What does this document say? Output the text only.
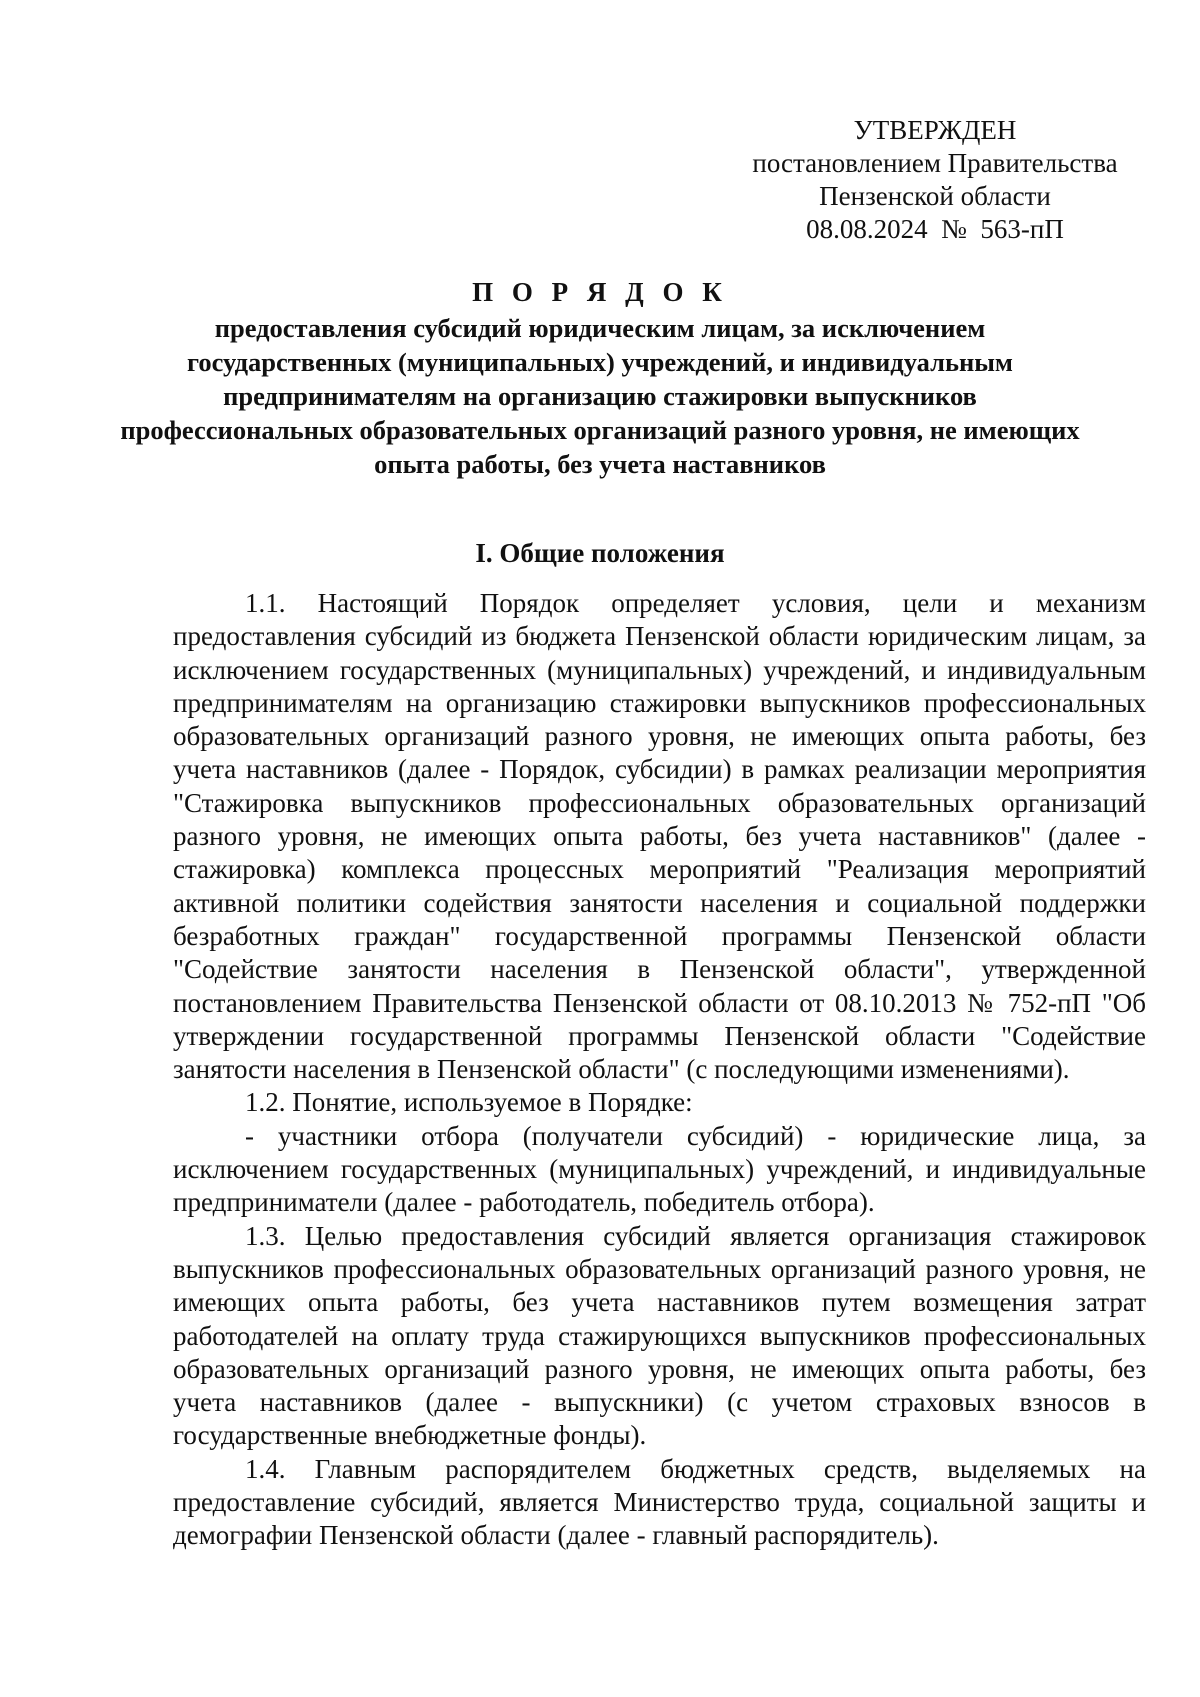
УТВЕРЖДЕН
постановлением Правительства
Пензенской области
08.08.2024  №  563-пП
П О Р Я Д О К
предоставления субсидий юридическим лицам, за исключением государственных (муниципальных) учреждений, и индивидуальным предпринимателям на организацию стажировки выпускников профессиональных образовательных организаций разного уровня, не имеющих опыта работы, без учета наставников
I. Общие положения

1.1. Настоящий Порядок определяет условия, цели и механизм предоставления субсидий из бюджета Пензенской области юридическим лицам, за исключением государственных (муниципальных) учреждений, и индивидуальным предпринимателям на организацию стажировки выпускников профессиональных образовательных организаций разного уровня, не имеющих опыта работы, без учета наставников (далее - Порядок, субсидии) в рамках реализации мероприятия "Стажировка выпускников профессиональных образовательных организаций разного уровня, не имеющих опыта работы, без учета наставников" (далее - стажировка) комплекса процессных мероприятий "Реализация мероприятий активной политики содействия занятости населения и социальной поддержки безработных граждан" государственной программы Пензенской области "Содействие занятости населения в Пензенской области", утвержденной постановлением Правительства Пензенской области от 08.10.2013 № 752-пП "Об утверждении государственной программы Пензенской области "Содействие занятости населения в Пензенской области" (с последующими изменениями).

1.2. Понятие, используемое в Порядке:

- участники отбора (получатели субсидий) - юридические лица, за исключением государственных (муниципальных) учреждений, и индивидуальные предприниматели (далее - работодатель, победитель отбора).

1.3. Целью предоставления субсидий является организация стажировок выпускников профессиональных образовательных организаций разного уровня, не имеющих опыта работы, без учета наставников путем возмещения затрат работодателей на оплату труда стажирующихся выпускников профессиональных образовательных организаций разного уровня, не имеющих опыта работы, без учета наставников (далее - выпускники) (с учетом страховых взносов в государственные внебюджетные фонды).

1.4. Главным распорядителем бюджетных средств, выделяемых на предоставление субсидий, является Министерство труда, социальной защиты и демографии Пензенской области (далее - главный распорядитель).
